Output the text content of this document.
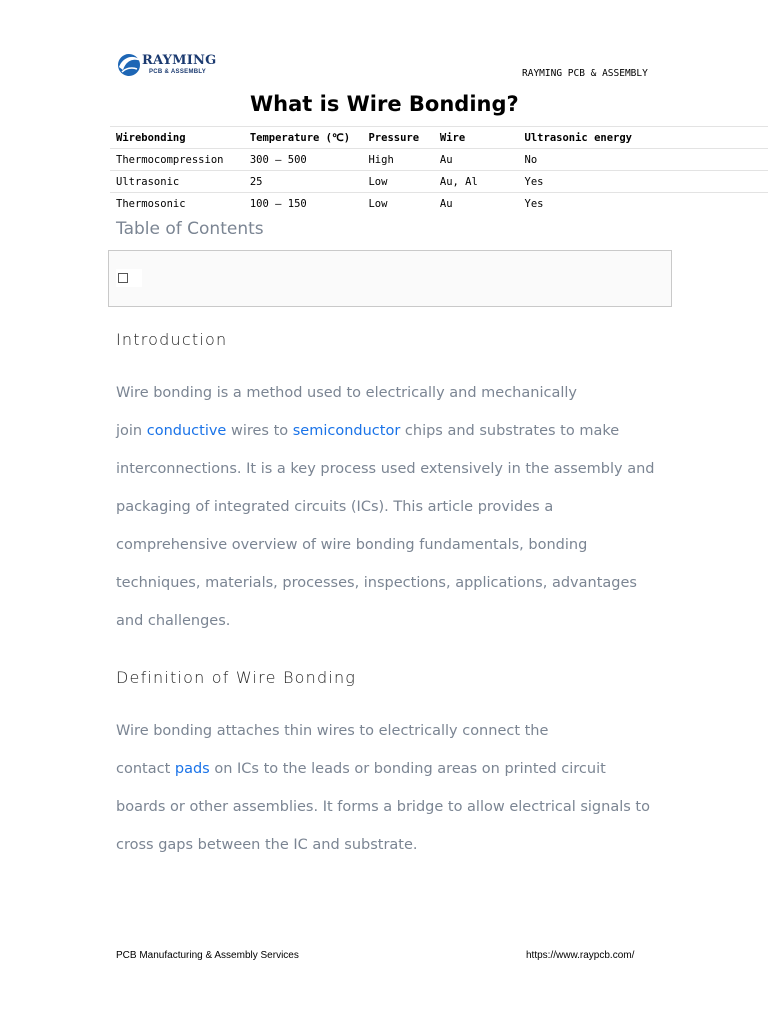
RAYMING
PCB & ASSEMBLY	RAYMING PCB & ASSEMBLY
What is Wire Bonding?
Wirebonding	Temperature (℃)	Pressure	Wire	Ultrasonic energy
Thermocompression	300 – 500	High	Au	No
Ultrasonic	25	Low	Au, Al	Yes
Thermosonic	100 – 150	Low	Au	Yes
Table of Contents
Introduction

Wire bonding is a method used to electrically and mechanically
join conductive wires to semiconductor chips and substrates to make
interconnections. It is a key process used extensively in the assembly and
packaging of integrated circuits (ICs). This article provides a
comprehensive overview of wire bonding fundamentals, bonding
techniques, materials, processes, inspections, applications, advantages
and challenges.

Definition of Wire Bonding

Wire bonding attaches thin wires to electrically connect the
contact pads on ICs to the leads or bonding areas on printed circuit
boards or other assemblies. It forms a bridge to allow electrical signals to
cross gaps between the IC and substrate.

PCB Manufacturing & Assembly Services	https://www.raypcb.com/
